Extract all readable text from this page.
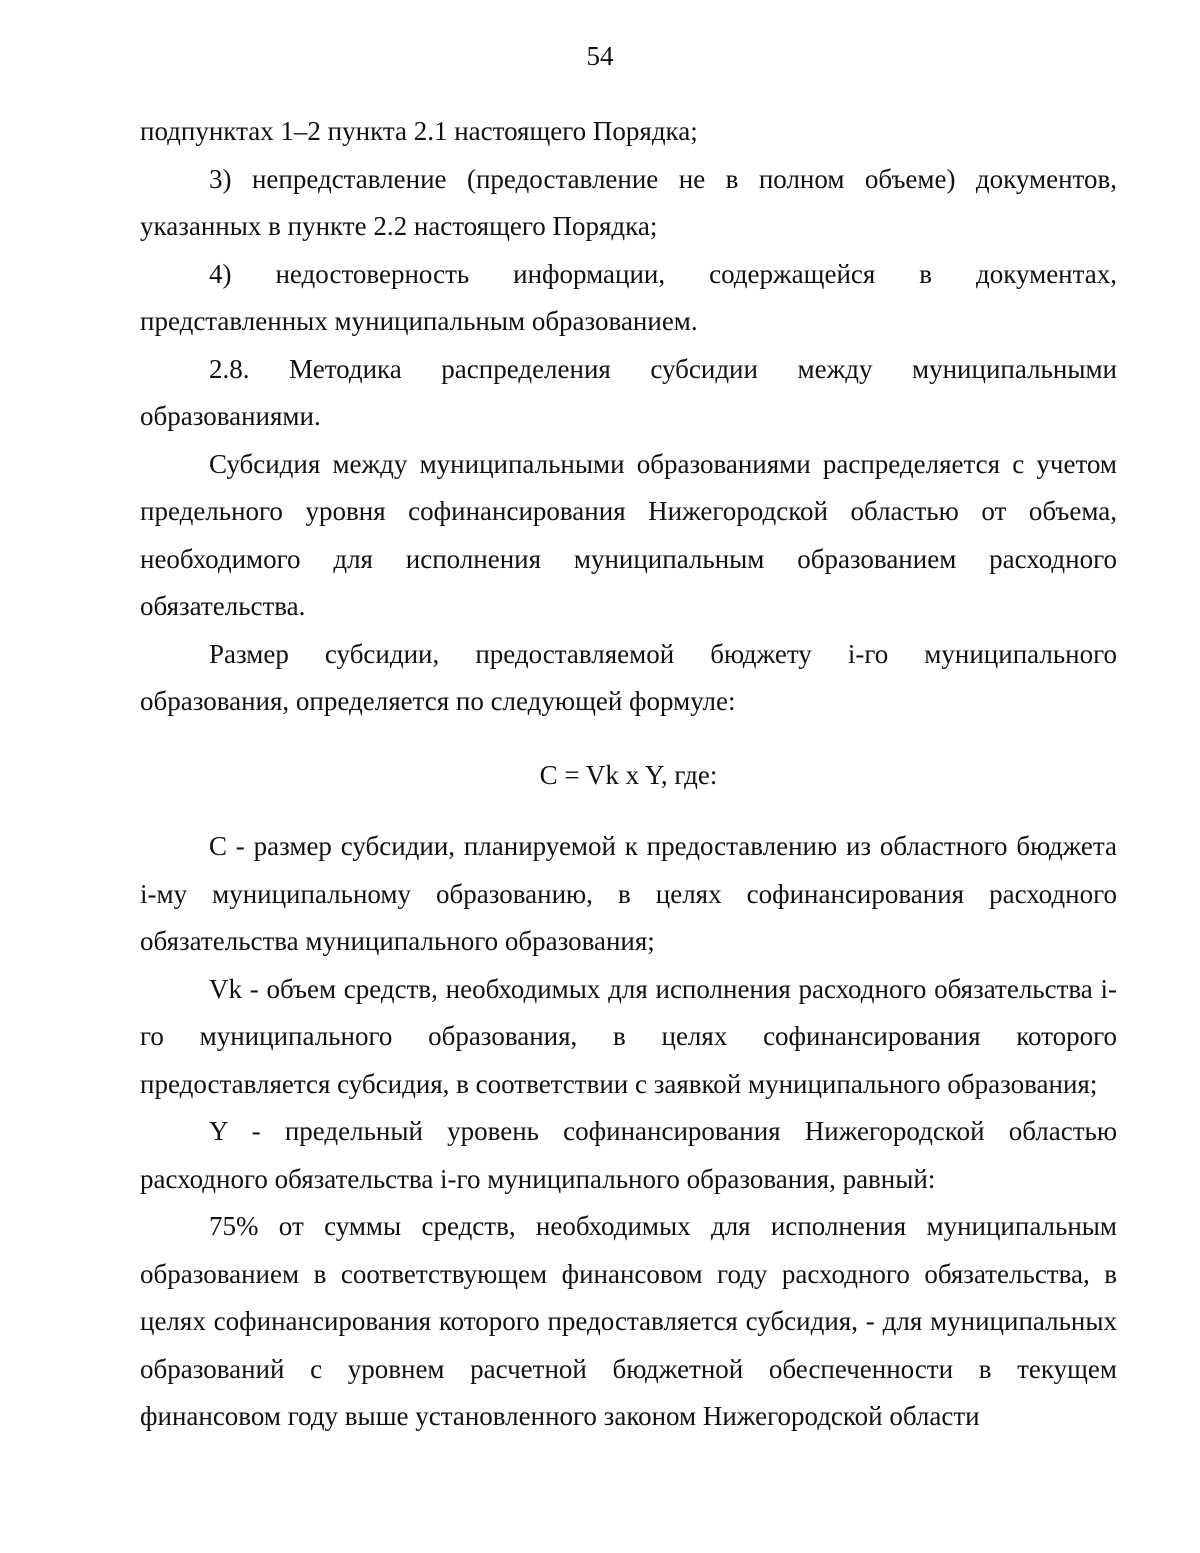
54

подпунктах 1–2 пункта 2.1 настоящего Порядка;

3) непредставление (предоставление не в полном объеме) документов, указанных в пункте 2.2 настоящего Порядка;

4) недостоверность информации, содержащейся в документах, представленных муниципальным образованием.

2.8. Методика распределения субсидии между муниципальными образованиями.

Субсидия между муниципальными образованиями распределяется с учетом предельного уровня софинансирования Нижегородской областью от объема, необходимого для исполнения муниципальным образованием расходного обязательства.

Размер субсидии, предоставляемой бюджету i-го муниципального образования, определяется по следующей формуле:

C = Vk x Y, где:

C - размер субсидии, планируемой к предоставлению из областного бюджета i-му муниципальному образованию, в целях софинансирования расходного обязательства муниципального образования;

Vk - объем средств, необходимых для исполнения расходного обязательства i-го муниципального образования, в целях софинансирования которого предоставляется субсидия, в соответствии с заявкой муниципального образования;

Y - предельный уровень софинансирования Нижегородской областью расходного обязательства i-го муниципального образования, равный:

75% от суммы средств, необходимых для исполнения муниципальным образованием в соответствующем финансовом году расходного обязательства, в целях софинансирования которого предоставляется субсидия, - для муниципальных образований с уровнем расчетной бюджетной обеспеченности в текущем финансовом году выше установленного законом Нижегородской области
